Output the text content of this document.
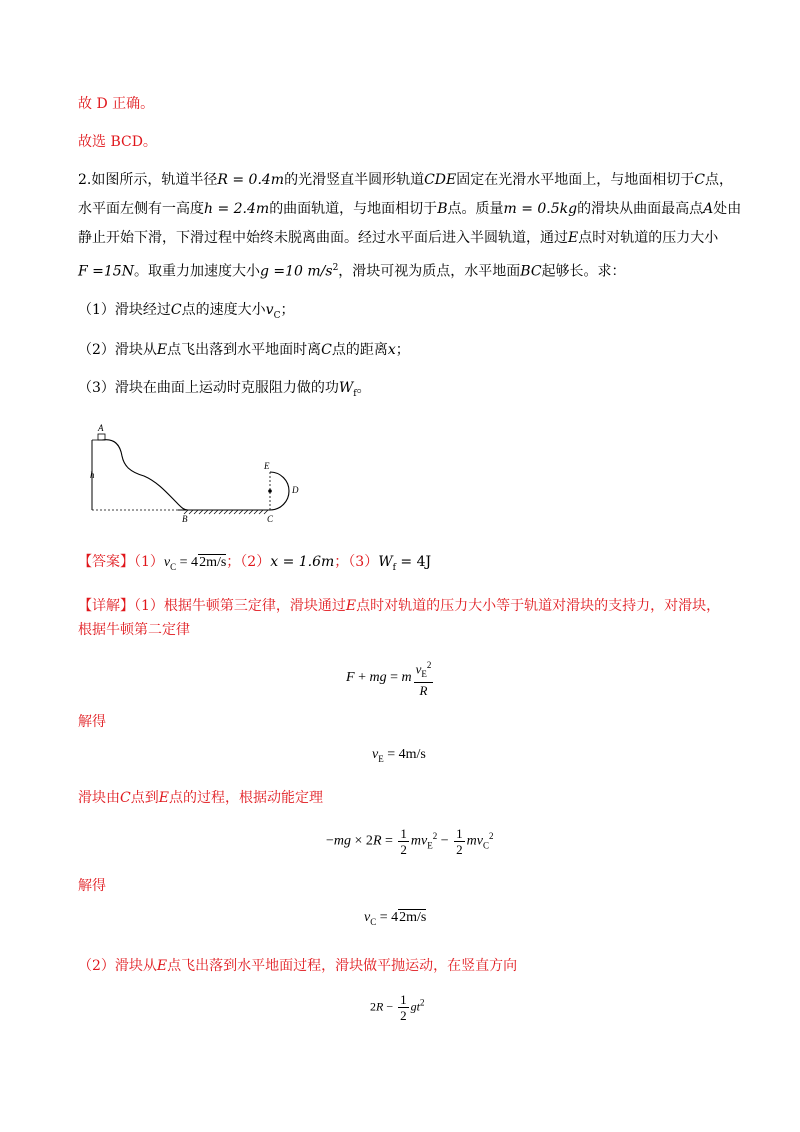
故 D 正确。
故选 BCD。
2.如图所示，轨道半径R = 0.4m的光滑竖直半圆形轨道CDE固定在光滑水平地面上，与地面相切于C点，
水平面左侧有一高度h = 2.4m的曲面轨道，与地面相切于B点。质量m = 0.5kg的滑块从曲面最高点A处由
静止开始下滑，下滑过程中始终未脱离曲面。经过水平面后进入半圆轨道，通过E点时对轨道的压力大小
F =15N。取重力加速度大小g =10 $m/s^2$，滑块可视为质点，水平地面BC起够长。求：
（1）滑块经过C点的速度大小$v_C$；
（2）滑块从E点飞出落到水平地面时离C点的距离x；
（3）滑块在曲面上运动时克服阻力做的功$W_f$。
h
A
B
E
D
C
【答案】$(1)v_C = 42m/s$；（2）x = 1.6m；$(3)W_f = 4J$
【详解】（1）根据牛顿第三定律，滑块通过E点时对轨道的压力大小等于轨道对滑块的支持力，对滑块，
根据牛顿第二定律
F + mg = m $\frac{v_E^2}{R}$
解得
$v_E = 4m/s$
滑块由C点到E点的过程，根据动能定理
$-mg \times 2R = \frac{1}{2} mv_E^2 - \frac{1}{2} mv_C^2$
解得
$v_C = 42m/s$
（2）滑块从E点飞出落到水平地面过程，滑块做平抛运动，在竖直方向
$2R - \frac{1}{2} gt^2$
